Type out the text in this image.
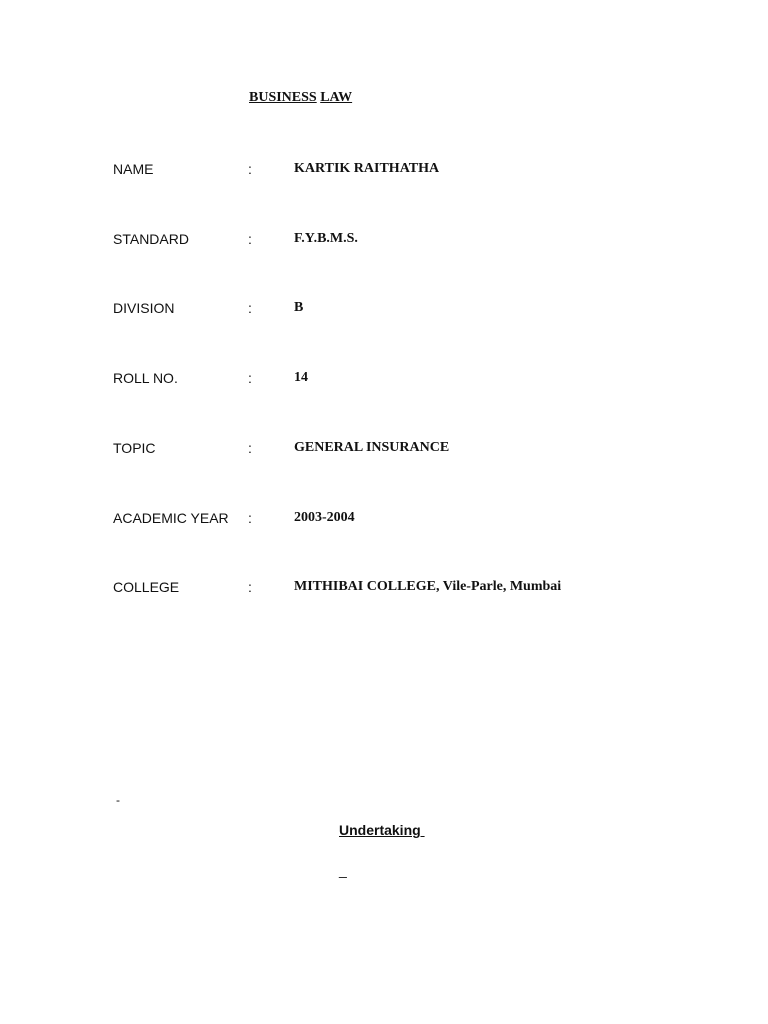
BUSINESS LAW
NAME	:	KARTIK RAITHATHA
STANDARD	:	F.Y.B.M.S.
DIVISION	:	B
ROLL NO.	:	14
TOPIC	:	GENERAL INSURANCE
ACADEMIC YEAR :	2003-2004
COLLEGE	:	MITHIBAI COLLEGE, Vile-Parle, Mumbai
-
Undertaking
_
